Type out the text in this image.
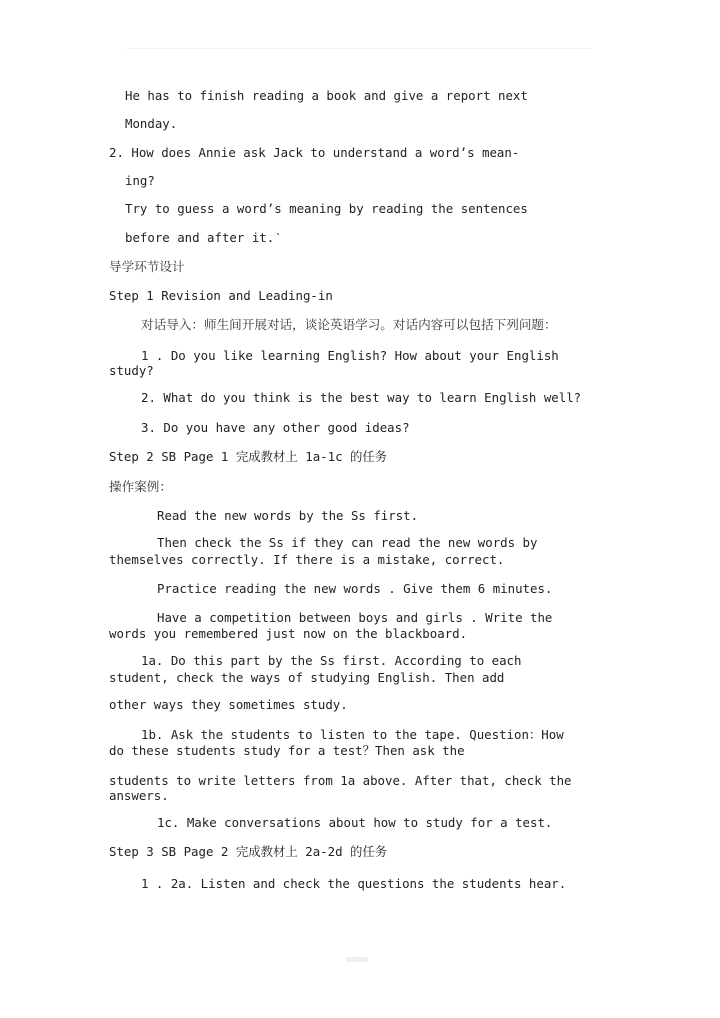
He has to finish reading a book and give a report next
Monday.
2. How does Annie ask Jack to understand a word’s mean-
ing?
Try to guess a word’s meaning by reading the sentences
before and after it.‵
导学环节设计
Step 1 Revision and Leading-in
对话导入：师生间开展对话，谈论英语学习。对话内容可以包括下列问题：
1 . Do you like learning English? How about your English
study?
2. What do you think is the best way to learn English well?
3. Do you have any other good ideas?
Step 2 SB Page 1 完成教材上 1a-1c 的任务
操作案例：
Read the new words by the Ss first.
Then check the Ss if they can read the new words by
themselves correctly. If there is a mistake, correct.
Practice reading the new words . Give them 6 minutes.
Have a competition between boys and girls . Write the
words you remembered just now on the blackboard.
1a. Do this part by the Ss first. According to each
student, check the ways of studying English. Then add
other ways they sometimes study.
1b. Ask the students to listen to the tape. Question：How
do these students study for a test？Then ask the
students to write letters from 1a above. After that, check the
answers.
1c. Make conversations about how to study for a test.
Step 3 SB Page 2 完成教材上 2a-2d 的任务
1 . 2a. Listen and check the questions the students hear.
